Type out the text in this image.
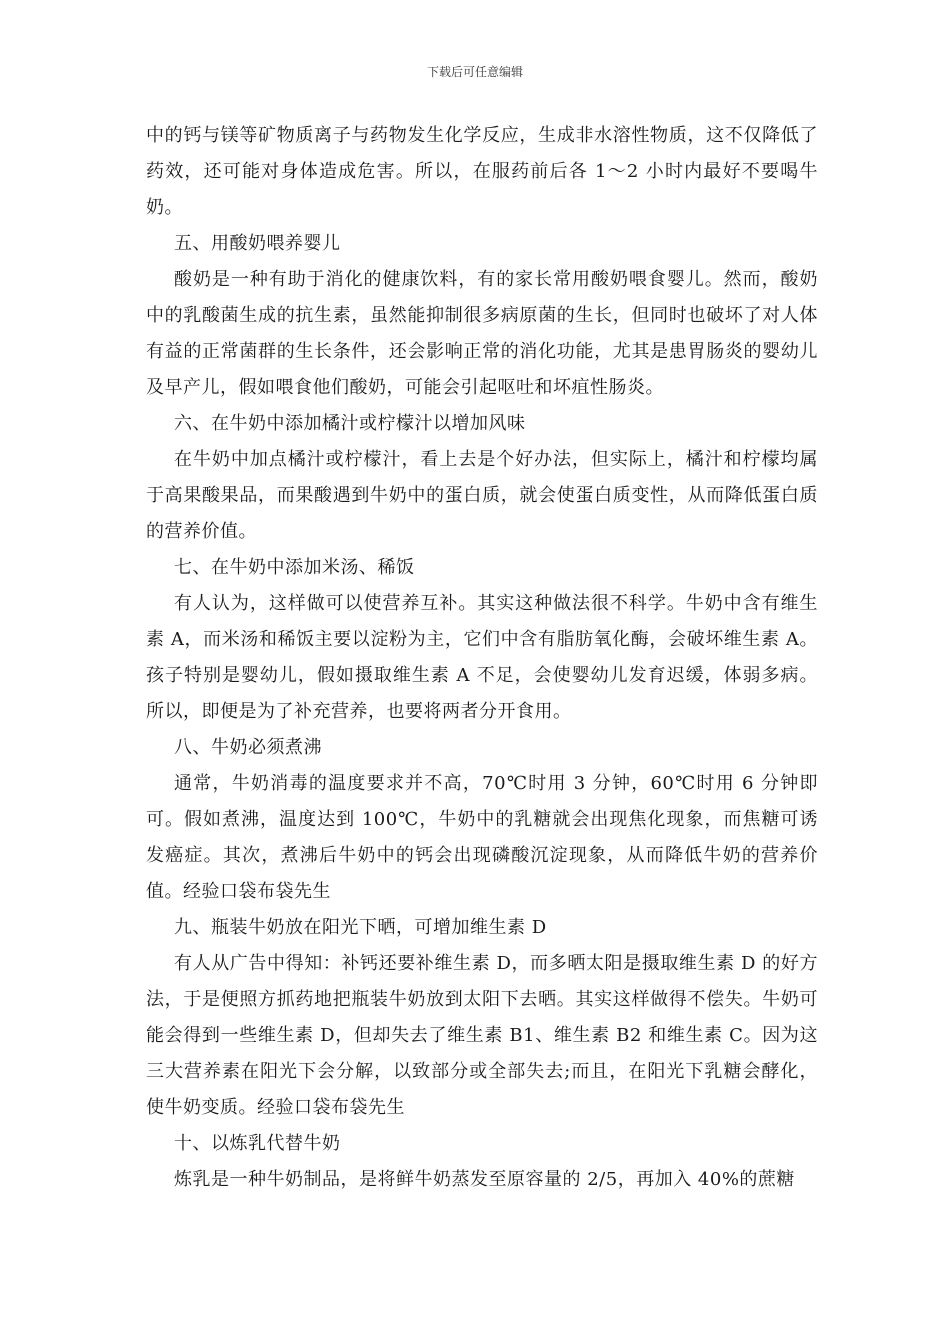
下载后可任意编辑

中的钙与镁等矿物质离子与药物发生化学反应，生成非水溶性物质，这不仅降低了药效，还可能对身体造成危害。所以，在服药前后各 1～2 小时内最好不要喝牛奶。

五、用酸奶喂养婴儿

酸奶是一种有助于消化的健康饮料，有的家长常用酸奶喂食婴儿。然而，酸奶中的乳酸菌生成的抗生素，虽然能抑制很多病原菌的生长，但同时也破坏了对人体有益的正常菌群的生长条件，还会影响正常的消化功能，尤其是患胃肠炎的婴幼儿及早产儿，假如喂食他们酸奶，可能会引起呕吐和坏疽性肠炎。

六、在牛奶中添加橘汁或柠檬汁以增加风味

在牛奶中加点橘汁或柠檬汁，看上去是个好办法，但实际上，橘汁和柠檬均属于高果酸果品，而果酸遇到牛奶中的蛋白质，就会使蛋白质变性，从而降低蛋白质的营养价值。

七、在牛奶中添加米汤、稀饭

有人认为，这样做可以使营养互补。其实这种做法很不科学。牛奶中含有维生素 A，而米汤和稀饭主要以淀粉为主，它们中含有脂肪氧化酶，会破坏维生素 A。孩子特别是婴幼儿，假如摄取维生素 A 不足，会使婴幼儿发育迟缓，体弱多病。所以，即便是为了补充营养，也要将两者分开食用。

八、牛奶必须煮沸

通常，牛奶消毒的温度要求并不高，70℃时用 3 分钟，60℃时用 6 分钟即可。假如煮沸，温度达到 100℃，牛奶中的乳糖就会出现焦化现象，而焦糖可诱发癌症。其次，煮沸后牛奶中的钙会出现磷酸沉淀现象，从而降低牛奶的营养价值。经验口袋布袋先生

九、瓶装牛奶放在阳光下晒，可增加维生素 D

有人从广告中得知：补钙还要补维生素 D，而多晒太阳是摄取维生素 D 的好方法，于是便照方抓药地把瓶装牛奶放到太阳下去晒。其实这样做得不偿失。牛奶可能会得到一些维生素 D，但却失去了维生素 B1、维生素 B2 和维生素 C。因为这三大营养素在阳光下会分解，以致部分或全部失去;而且，在阳光下乳糖会酵化，使牛奶变质。经验口袋布袋先生

十、以炼乳代替牛奶

炼乳是一种牛奶制品，是将鲜牛奶蒸发至原容量的 2/5，再加入 40%的蔗糖
